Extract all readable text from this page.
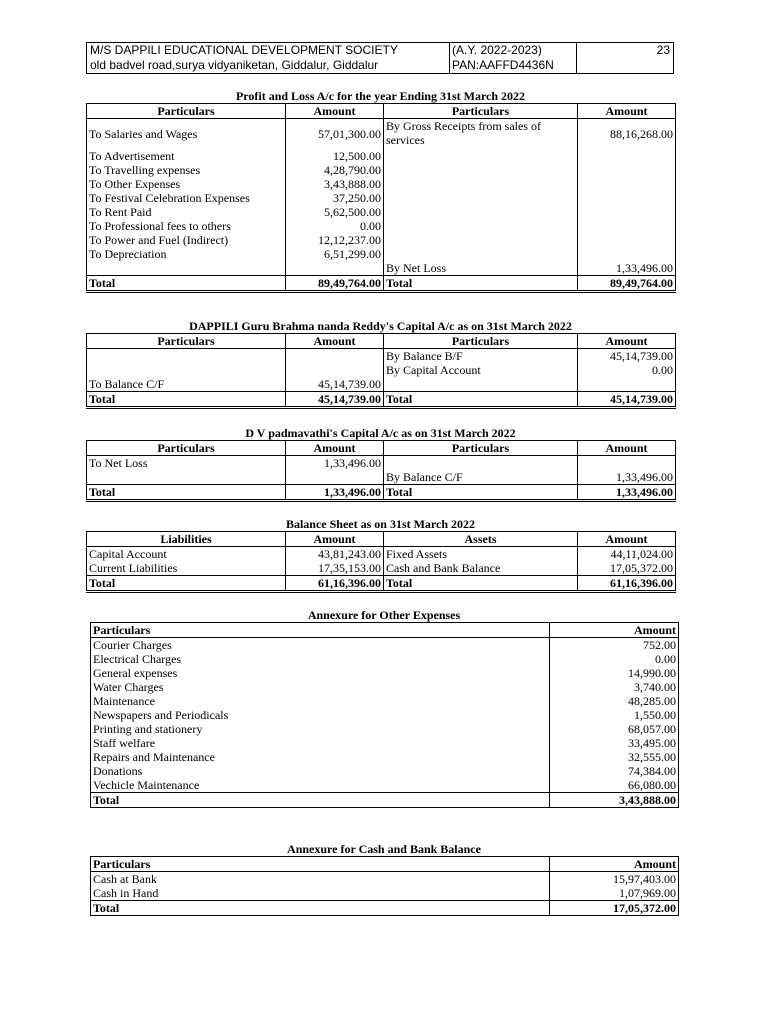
M/S DAPPILI EDUCATIONAL DEVELOPMENT SOCIETY
old badvel road,surya vidyaniketan, Giddalur, Giddalur
(A.Y. 2022-2023)
PAN:AAFFD4436N
23
Profit and Loss A/c for the year Ending 31st March 2022
Particulars	Amount	Particulars	Amount
To Salaries and Wages	57,01,300.00	By Gross Receipts from sales of services	88,16,268.00
To Advertisement	12,500.00		
To Travelling expenses	4,28,790.00		
To Other Expenses	3,43,888.00		
To Festival Celebration Expenses	37,250.00		
To Rent Paid	5,62,500.00		
To Professional fees to others	0.00		
To Power and Fuel (Indirect)	12,12,237.00		
To Depreciation	6,51,299.00		
		By Net Loss	1,33,496.00
Total	89,49,764.00	Total	89,49,764.00
DAPPILI Guru Brahma nanda Reddy's Capital A/c as on 31st March 2022
Particulars	Amount	Particulars	Amount
		By Balance B/F	45,14,739.00
		By Capital Account	0.00
To Balance C/F	45,14,739.00		
Total	45,14,739.00	Total	45,14,739.00
D V padmavathi's Capital A/c as on 31st March 2022
Particulars	Amount	Particulars	Amount
To Net Loss	1,33,496.00		
		By Balance C/F	1,33,496.00
Total	1,33,496.00	Total	1,33,496.00
Balance Sheet as on 31st March 2022
Liabilities	Amount	Assets	Amount
Capital Account	43,81,243.00	Fixed Assets	44,11,024.00
Current Liabilities	17,35,153.00	Cash and Bank Balance	17,05,372.00
Total	61,16,396.00	Total	61,16,396.00
Annexure for Other Expenses
Particulars	Amount
Courier Charges	752.00
Electrical Charges	0.00
General expenses	14,990.00
Water Charges	3,740.00
Maintenance	48,285.00
Newspapers and Periodicals	1,550.00
Printing and stationery	68,057.00
Staff welfare	33,495.00
Repairs and Maintenance	32,555.00
Donations	74,384.00
Vechicle Maintenance	66,080.00
Total	3,43,888.00
Annexure for Cash and Bank Balance
Particulars	Amount
Cash at Bank	15,97,403.00
Cash in Hand	1,07,969.00
Total	17,05,372.00
